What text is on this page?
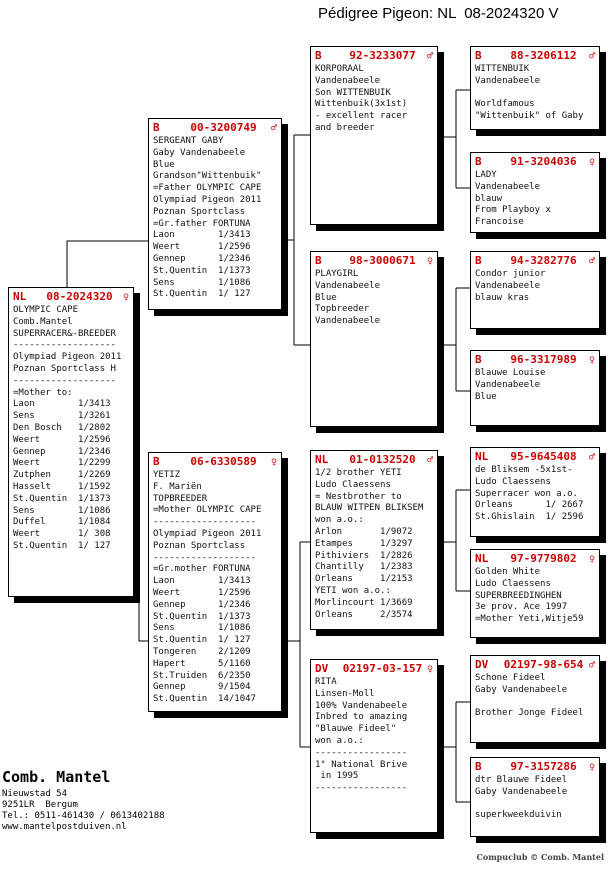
Pédigree Pigeon: NL  08-2024320 V
NL	08-2024320	♀
OLYMPIC CAPE
Comb.Mantel
SUPERRACER&-BREEDER
-------------------
Olympiad Pigeon 2011
Poznan Sportclass H
-------------------
=Mother to:
Laon        1/3413
Sens        1/3261
Den Bosch   1/2802
Weert       1/2596
Gennep      1/2346
Weert       1/2299
Zutphen     1/2269
Hasselt     1/1592
St.Quentin  1/1373
Sens        1/1086
Duffel      1/1084
Weert       1/ 308
St.Quentin  1/ 127
B	00-3200749	♂
SERGEANT GABY
Gaby Vandenabeele
Blue
Grandson"Wittenbuik"
=Father OLYMPIC CAPE
Olympiad Pigeon 2011
Poznan Sportclass
=Gr.father FORTUNA
Laon        1/3413
Weert       1/2596
Gennep      1/2346
St.Quentin  1/1373
Sens        1/1086
St.Quentin  1/ 127
B	06-6330589	♀
YETIZ
F. Mariën
TOPBREEDER
=Mother OLYMPIC CAPE
-------------------
Olympiad Pigeon 2011
Poznan Sportclass
-------------------
=Gr.mother FORTUNA
Laon        1/3413
Weert       1/2596
Gennep      1/2346
St.Quentin  1/1373
Sens        1/1086
St.Quentin  1/ 127
Tongeren    2/1209
Hapert      5/1160
St.Truiden  6/2350
Gennep      9/1504
St.Quentin  14/1047
B	92-3233077	♂
KORPORAAL
Vandenabeele
Son WITTENBUIK
Wittenbuik(3x1st)
- excellent racer
and breeder
B	98-3000671	♀
PLAYGIRL
Vandenabeele
Blue
Topbreeder
Vandenabeele
NL	01-0132520	♂
1/2 brother YETI
Ludo Claessens
= Nestbrother to
BLAUW WITPEN BLIKSEM
won a.o.:
Arlon       1/9072
Etampes     1/3297
Pithiviers  1/2826
Chantilly   1/2383
Orleans     1/2153
YETI won a.o.:
Morlincourt 1/3669
Orleans     2/3574
DV	02197-03-157 ♀
RITA
Linsen-Moll
100% Vandenabeele
Inbred to amazing
"Blauwe Fideel"
won a.o.:
-----------------
1° National Brive
in 1995
-----------------
B	88-3206112	♂
WITTENBUIK
Vandenabeele

Worldfamous
"Wittenbuik" of Gaby
B	91-3204036	♀
LADY
Vandenabeele
blauw
From Playboy x
Francoise
B	94-3282776	♂
Condor junior
Vandenabeele
blauw kras
B	96-3317989	♀
Blauwe Louise
Vandenabeele
Blue
NL	95-9645408	♂
de Bliksem -5x1st-
Ludo Claessens
Superracer won a.o.
Orleans      1/ 2667
St.Ghislain  1/ 2596
NL	97-9779802	♀
Golden White
Ludo Claessens
SUPERBREEDINGHEN
3e prov. Ace 1997
=Mother Yeti,Witje59
DV	02197-98-654 ♂
Schone Fideel
Gaby Vandenabeele

Brother Jonge Fideel
B	97-3157286	♀
dtr Blauwe Fideel
Gaby Vandenabeele

superkweekduivin
Comb. Mantel
Nieuwstad 54
9251LR  Bergum
Tel.: 0511-461430 / 0613402188
www.mantelpostduiven.nl
Compuclub © Comb. Mantel
